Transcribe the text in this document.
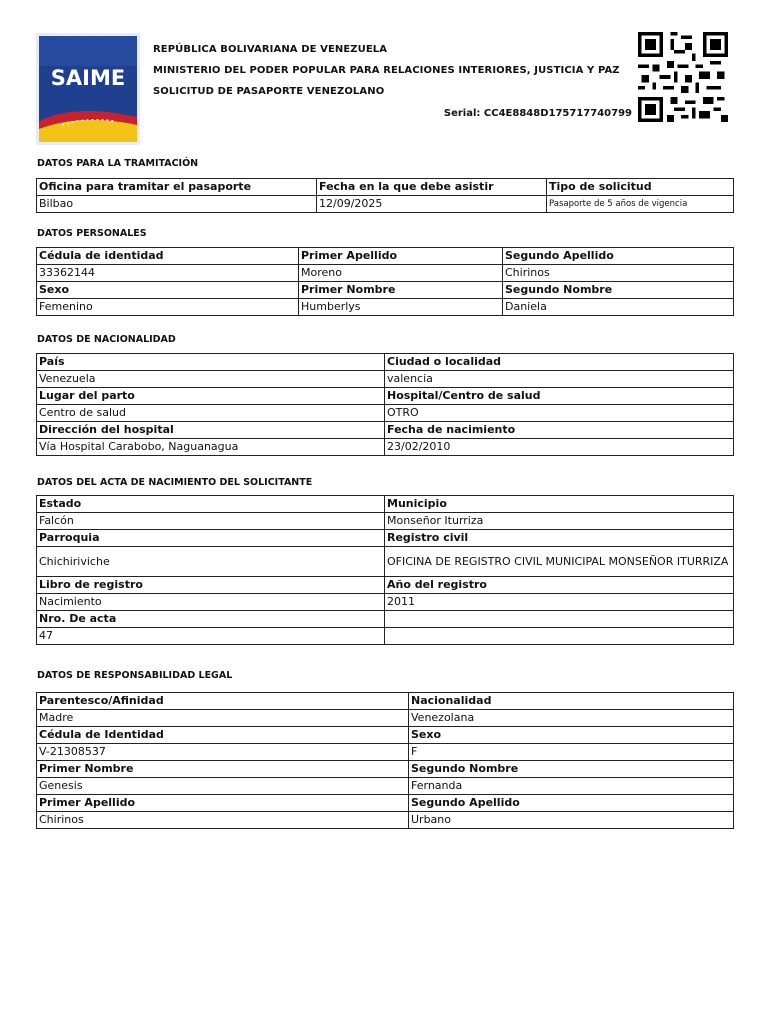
SAIME
REPÚBLICA BOLIVARIANA DE VENEZUELA
MINISTERIO DEL PODER POPULAR PARA RELACIONES INTERIORES, JUSTICIA Y PAZ
SOLICITUD DE PASAPORTE VENEZOLANO
Serial: CC4E8848D175717740799
DATOS PARA LA TRAMITACIÓN
Oficina para tramitar el pasaporte	Fecha en la que debe asistir	Tipo de solicitud
Bilbao	12/09/2025	Pasaporte de 5 años de vigencia
DATOS PERSONALES
Cédula de identidad	Primer Apellido	Segundo Apellido
33362144	Moreno	Chirinos
Sexo	Primer Nombre	Segundo Nombre
Femenino	Humberlys	Daniela
DATOS DE NACIONALIDAD
País	Ciudad o localidad
Venezuela	valencia
Lugar del parto	Hospital/Centro de salud
Centro de salud	OTRO
Dirección del hospital	Fecha de nacimiento
Vía Hospital Carabobo, Naguanagua	23/02/2010
DATOS DEL ACTA DE NACIMIENTO DEL SOLICITANTE
Estado	Municipio
Falcón	Monseñor Iturriza
Parroquia	Registro civil
Chichiriviche	OFICINA DE REGISTRO CIVIL MUNICIPAL MONSEÑOR ITURRIZA
Libro de registro	Año del registro
Nacimiento	2011
Nro. De acta	
47	
DATOS DE RESPONSABILIDAD LEGAL
Parentesco/Afinidad	Nacionalidad
Madre	Venezolana
Cédula de Identidad	Sexo
V-21308537	F
Primer Nombre	Segundo Nombre
Genesis	Fernanda
Primer Apellido	Segundo Apellido
Chirinos	Urbano
